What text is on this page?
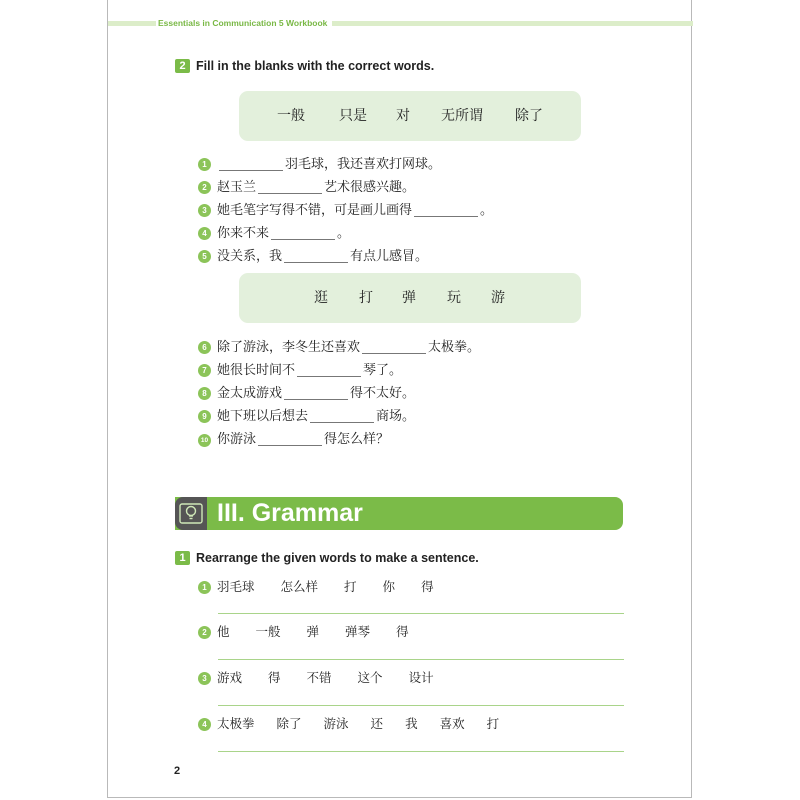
Essentials in Communication 5 Workbook
2 Fill in the blanks with the correct words.
一般 只是 对 无所谓 除了
1	羽毛球，我还喜欢打网球。
2 赵玉兰	艺术很感兴趣。
3 她毛笔字写得不错，可是画儿画得	。
4 你来不来	。
5 没关系，我	有点儿感冒。
逛 打 弹 玩 游
6 除了游泳，李冬生还喜欢	太极拳。
7 她很长时间不	琴了。
8 金太成游戏	得不太好。
9 她下班以后想去	商场。
10 你游泳	得怎么样？
III. Grammar
1 Rearrange the given words to make a sentence.
1 羽毛球 怎么样 打 你 得
2 他 一般 弹 弹琴 得
3 游戏 得 不错 这个 设计
4 太极拳 除了 游泳 还 我 喜欢 打
2
